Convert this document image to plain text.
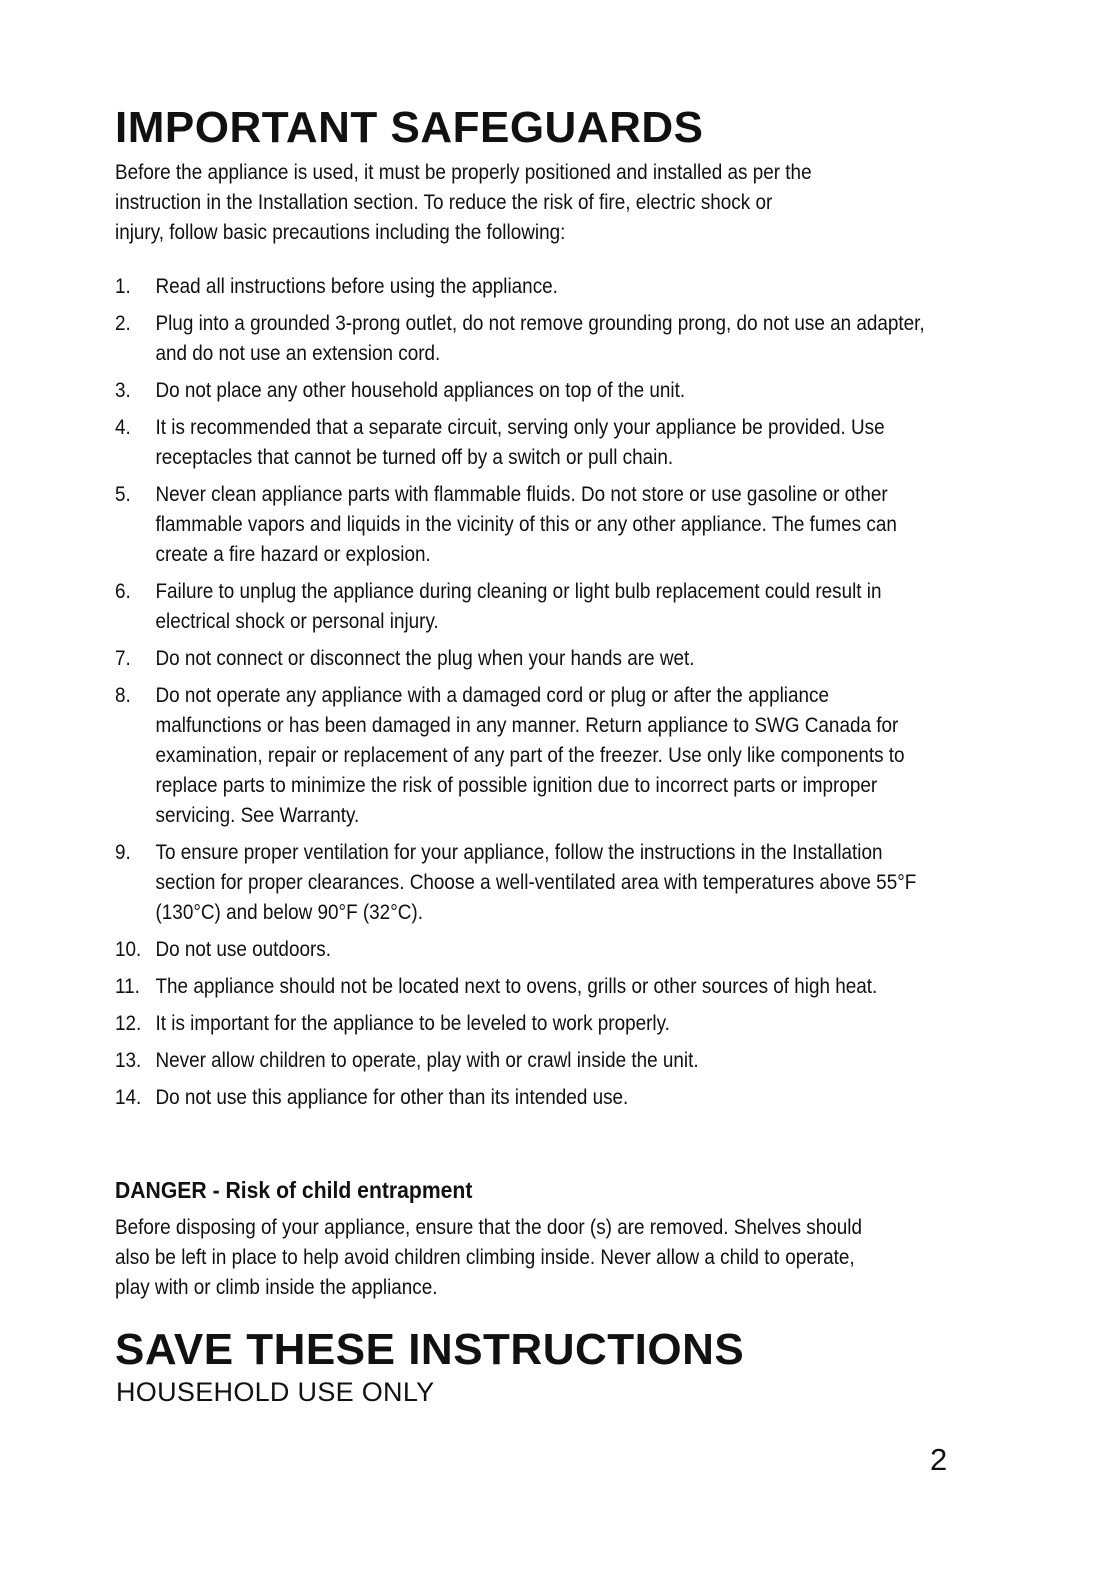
IMPORTANT SAFEGUARDS

Before the appliance is used, it must be properly positioned and installed as per the instruction in the Installation section. To reduce the risk of fire, electric shock or injury, follow basic precautions including the following:

1.	Read all instructions before using the appliance.
2.	Plug into a grounded 3-prong outlet, do not remove grounding prong, do not use an adapter, and do not use an extension cord.
3.	Do not place any other household appliances on top of the unit.
4.	It is recommended that a separate circuit, serving only your appliance be provided. Use receptacles that cannot be turned off by a switch or pull chain.
5.	Never clean appliance parts with flammable fluids. Do not store or use gasoline or other flammable vapors and liquids in the vicinity of this or any other appliance. The fumes can create a fire hazard or explosion.
6.	Failure to unplug the appliance during cleaning or light bulb replacement could result in electrical shock or personal injury.
7.	Do not connect or disconnect the plug when your hands are wet.
8.	Do not operate any appliance with a damaged cord or plug or after the appliance malfunctions or has been damaged in any manner. Return appliance to SWG Canada for examination, repair or replacement of any part of the freezer. Use only like components to replace parts to minimize the risk of possible ignition due to incorrect parts or improper servicing. See Warranty.
9.	To ensure proper ventilation for your appliance, follow the instructions in the Installation section for proper clearances. Choose a well-ventilated area with temperatures above 55°F (130°C) and below 90°F (32°C).
10. Do not use outdoors.
11. The appliance should not be located next to ovens, grills or other sources of high heat.
12. It is important for the appliance to be leveled to work properly.
13. Never allow children to operate, play with or crawl inside the unit.
14. Do not use this appliance for other than its intended use.
DANGER - Risk of child entrapment

Before disposing of your appliance, ensure that the door (s) are removed. Shelves should also be left in place to help avoid children climbing inside. Never allow a child to operate, play with or climb inside the appliance.

SAVE THESE INSTRUCTIONS

HOUSEHOLD USE ONLY

2
